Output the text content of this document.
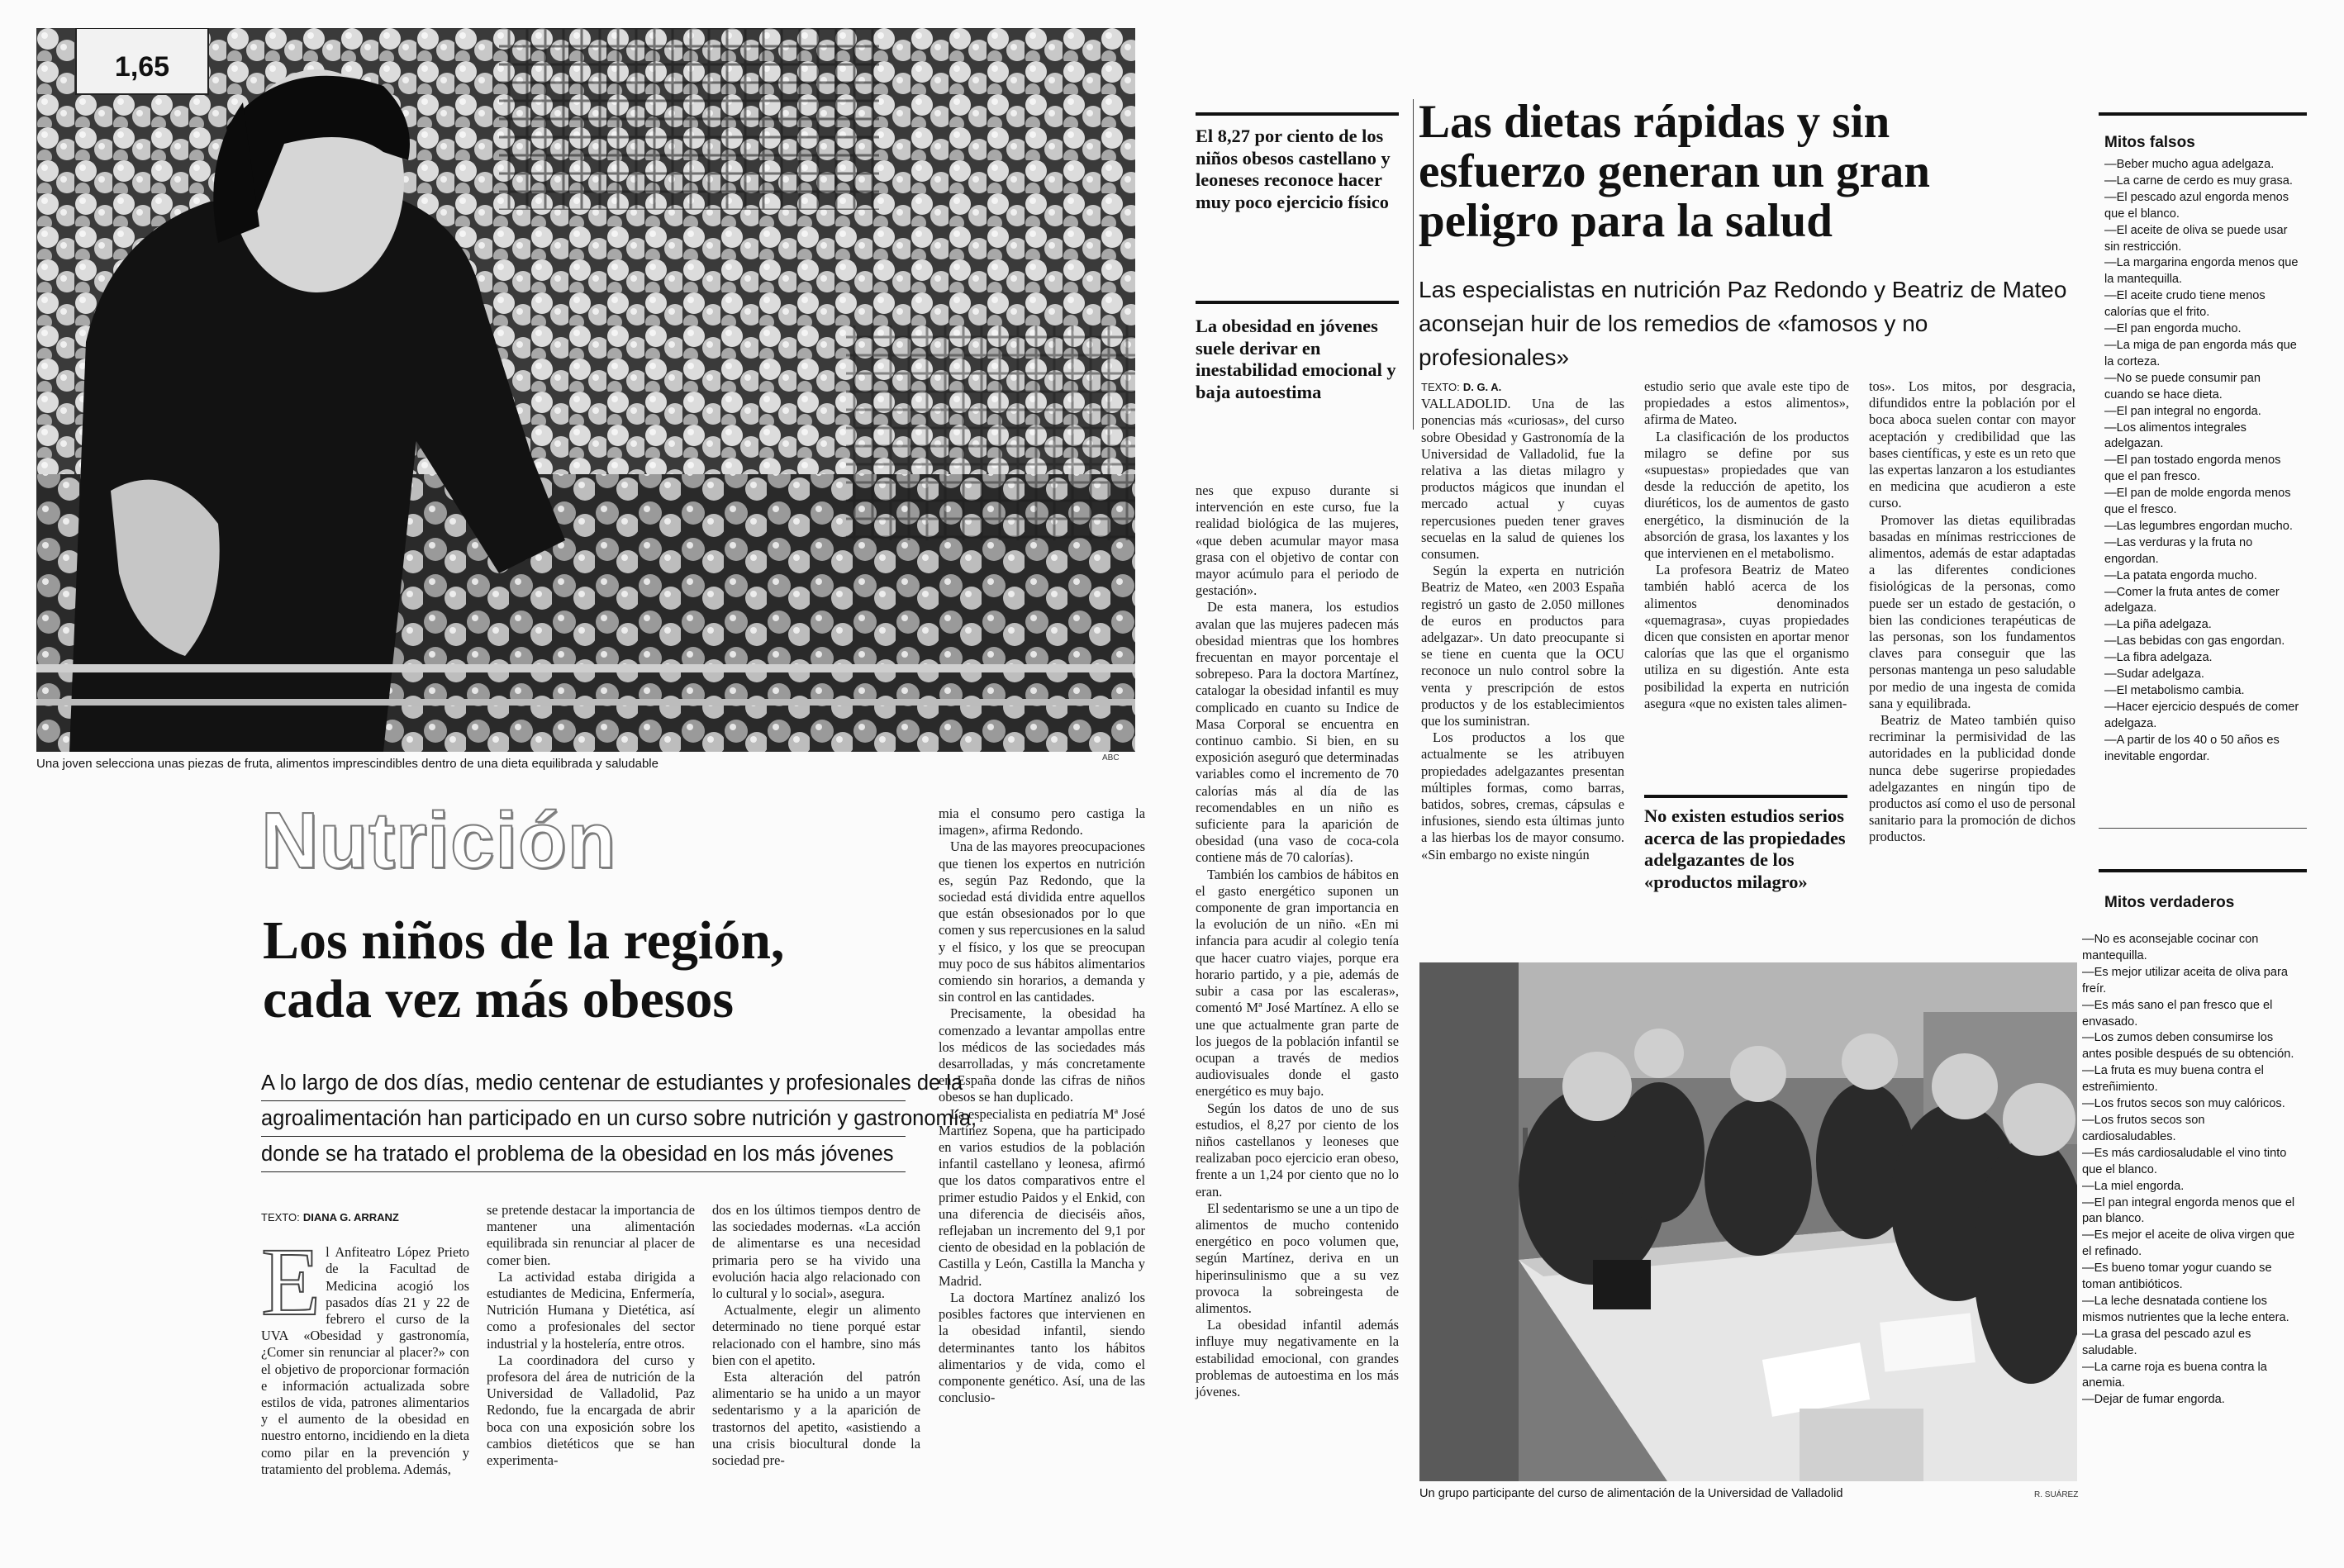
1,65
Una joven selecciona unas piezas de fruta, alimentos imprescindibles dentro de una dieta equilibrada y saludable	ABC
Nutrición
Los niños de la región,
cada vez más obesos

A lo largo de dos días, medio centenar de estudiantes y profesionales de la

agroalimentación han participado en un curso sobre nutrición y gastronomía,

donde se ha tratado el problema de la obesidad en los más jóvenes

TEXTO: DIANA G. ARRANZ

El Anfiteatro López Prieto de la Facultad de Medicina acogió los pasados días 21 y 22 de febrero el curso de la UVA «Obesidad y gastronomía, ¿Comer sin renunciar al placer?» con el objetivo de proporcionar formación e información actualizada sobre estilos de vida, patrones alimentarios y el aumento de la obesidad en nuestro entorno, incidiendo en la dieta como pilar en la prevención y tratamiento del problema. Además,

se pretende destacar la importancia de mantener una alimentación equilibrada sin renunciar al placer de comer bien.

La actividad estaba dirigida a estudiantes de Medicina, Enfermería, Nutrición Humana y Dietética, así como a profesionales del sector industrial y la hostelería, entre otros.

La coordinadora del curso y profesora del área de nutrición de la Universidad de Valladolid, Paz Redondo, fue la encargada de abrir boca con una exposición sobre los cambios dietéticos que se han experimenta-

dos en los últimos tiempos dentro de las sociedades modernas. «La acción de alimentarse es una necesidad primaria pero se ha vivido una evolución hacia algo relacionado con lo cultural y lo social», asegura.

Actualmente, elegir un alimento determinado no tiene porqué estar relacionado con el hambre, sino más bien con el apetito.

Esta alteración del patrón alimentario se ha unido a un mayor sedentarismo y a la aparición de trastornos del apetito, «asistiendo a una crisis biocultural donde la sociedad pre-

mia el consumo pero castiga la imagen», afirma Redondo.

Una de las mayores preocupaciones que tienen los expertos en nutrición es, según Paz Redondo, que la sociedad está dividida entre aquellos que están obsesionados por lo que comen y sus repercusiones en la salud y el físico, y los que se preocupan muy poco de sus hábitos alimentarios comiendo sin horarios, a demanda y sin control en las cantidades.

Precisamente, la obesidad ha comenzado a levantar ampollas entre los médicos de las sociedades más desarrolladas, y más concretamente en España donde las cifras de niños obesos se han duplicado.

La especialista en pediatría Mª José Martínez Sopena, que ha participado en varios estudios de la población infantil castellano y leonesa, afirmó que los datos comparativos entre el primer estudio Paidos y el Enkid, con una diferencia de dieciséis años, reflejaban un incremento del 9,1 por ciento de obesidad en la población de Castilla y León, Castilla la Mancha y Madrid.

La doctora Martínez analizó los posibles factores que intervienen en la obesidad infantil, siendo determinantes tanto los hábitos alimentarios y de vida, como el componente genético. Así, una de las conclusio-

El 8,27 por ciento de los niños obesos castellano y leoneses reconoce hacer muy poco ejercicio físico
La obesidad en jóvenes suele derivar en inestabilidad emocional y baja autoestima
Las dietas rápidas y sin
esfuerzo generan un gran
peligro para la salud
Las especialistas en nutrición Paz Redondo y Beatriz de Mateo
aconsejan huir de los remedios de «famosos y no profesionales»

nes que expuso durante si intervención en este curso, fue la realidad biológica de las mujeres, «que deben acumular mayor masa grasa con el objetivo de contar con mayor acúmulo para el periodo de gestación».

De esta manera, los estudios avalan que las mujeres padecen más obesidad mientras que los hombres frecuentan en mayor porcentaje el sobrepeso. Para la doctora Martínez, catalogar la obesidad infantil es muy complicado en cuanto su Indice de Masa Corporal se encuentra en continuo cambio. Si bien, en su exposición aseguró que determinadas variables como el incremento de 70 calorías más al día de las recomendables en un niño es suficiente para la aparición de obesidad (una vaso de coca-cola contiene más de 70 calorías).

También los cambios de hábitos en el gasto energético suponen un componente de gran importancia en la evolución de un niño. «En mi infancia para acudir al colegio tenía que hacer cuatro viajes, porque era horario partido, y a pie, además de subir a casa por las escaleras», comentó Mª José Martínez. A ello se une que actualmente gran parte de los juegos de la población infantil se ocupan a través de medios audiovisuales donde el gasto energético es muy bajo.

Según los datos de uno de sus estudios, el 8,27 por ciento de los niños castellanos y leoneses que realizaban poco ejercicio eran obeso, frente a un 1,24 por ciento que no lo eran.

El sedentarismo se une a un tipo de alimentos de mucho contenido energético en poco volumen que, según Martínez, deriva en un hiperinsulinismo que a su vez provoca la sobreingesta de alimentos.

La obesidad infantil además influye muy negativamente en la estabilidad emocional, con grandes problemas de autoestima en los más jóvenes.

TEXTO: D. G. A.

VALLADOLID. Una de las ponencias más «curiosas», del curso sobre Obesidad y Gastronomía de la Universidad de Valladolid, fue la relativa a las dietas milagro y productos mágicos que inundan el mercado actual y cuyas repercusiones pueden tener graves secuelas en la salud de quienes los consumen.

Según la experta en nutrición Beatriz de Mateo, «en 2003 España registró un gasto de 2.050 millones de euros en productos para adelgazar». Un dato preocupante si se tiene en cuenta que la OCU reconoce un nulo control sobre la venta y prescripción de estos productos y de los establecimientos que los suministran.

Los productos a los que actualmente se les atribuyen propiedades adelgazantes presentan múltiples formas, como barras, batidos, sobres, cremas, cápsulas e infusiones, siendo esta últimas junto a las hierbas los de mayor consumo. «Sin embargo no existe ningún

estudio serio que avale este tipo de propiedades a estos alimentos», afirma de Mateo.

La clasificación de los productos milagro se define por sus «supuestas» propiedades que van desde la reducción de apetito, los diuréticos, los de aumentos de gasto energético, la disminución de la absorción de grasa, los laxantes y los que intervienen en el metabolismo.

La profesora Beatriz de Mateo también habló acerca de los alimentos denominados «quemagrasa», cuyas propiedades dicen que consisten en aportar menor calorías que las que el organismo utiliza en su digestión. Ante esta posibilidad la experta en nutrición asegura «que no existen tales alimen-

No existen estudios serios acerca de las propiedades adelgazantes de los «productos milagro»

tos». Los mitos, por desgracia, difundidos entre la población por el boca aboca suelen contar con mayor aceptación y credibilidad que las bases científicas, y este es un reto que las expertas lanzaron a los estudiantes en medicina que acudieron a este curso.

Promover las dietas equilibradas basadas en mínimas restricciones de alimentos, además de estar adaptadas a las diferentes condiciones fisiológicas de la personas, como puede ser un estado de gestación, o bien las condiciones terapéuticas de las personas, son los fundamentos claves para conseguir que las personas mantenga un peso saludable por medio de una ingesta de comida sana y equilibrada.

Beatriz de Mateo también quiso recriminar la permisividad de las autoridades en la publicidad donde nunca debe sugerirse propiedades adelgazantes en ningún tipo de productos así como el uso de personal sanitario para la promoción de dichos productos.

Un grupo participante del curso de alimentación de la Universidad de Valladolid	R. SUÁREZ
Mitos falsos
—Beber mucho agua adelgaza.
—La carne de cerdo es muy grasa.
—El pescado azul engorda menos que el blanco.
—El aceite de oliva se puede usar sin restricción.
—La margarina engorda menos que la mantequilla.
—El aceite crudo tiene menos calorías que el frito.
—El pan engorda mucho.
—La miga de pan engorda más que la corteza.
—No se puede consumir pan cuando se hace dieta.
—El pan integral no engorda.
—Los alimentos integrales adelgazan.
—El pan tostado engorda menos que el pan fresco.
—El pan de molde engorda menos que el fresco.
—Las legumbres engordan mucho.
—Las verduras y la fruta no engordan.
—La patata engorda mucho.
—Comer la fruta antes de comer adelgaza.
—La piña adelgaza.
—Las bebidas con gas engordan.
—La fibra adelgaza.
—Sudar adelgaza.
—El metabolismo cambia.
—Hacer ejercicio después de comer adelgaza.
—A partir de los 40 o 50 años es inevitable engordar.
Mitos verdaderos
—No es aconsejable cocinar con mantequilla.
—Es mejor utilizar aceita de oliva para freír.
—Es más sano el pan fresco que el envasado.
—Los zumos deben consumirse los antes posible después de su obtención.
—La fruta es muy buena contra el estreñimiento.
—Los frutos secos son muy calóricos.
—Los frutos secos son cardiosaludables.
—Es más cardiosaludable el vino tinto que el blanco.
—La miel engorda.
—El pan integral engorda menos que el pan blanco.
—Es mejor el aceite de oliva virgen que el refinado.
—Es bueno tomar yogur cuando se toman antibióticos.
—La leche desnatada contiene los mismos nutrientes que la leche entera.
—La grasa del pescado azul es saludable.
—La carne roja es buena contra la anemia.
—Dejar de fumar engorda.
